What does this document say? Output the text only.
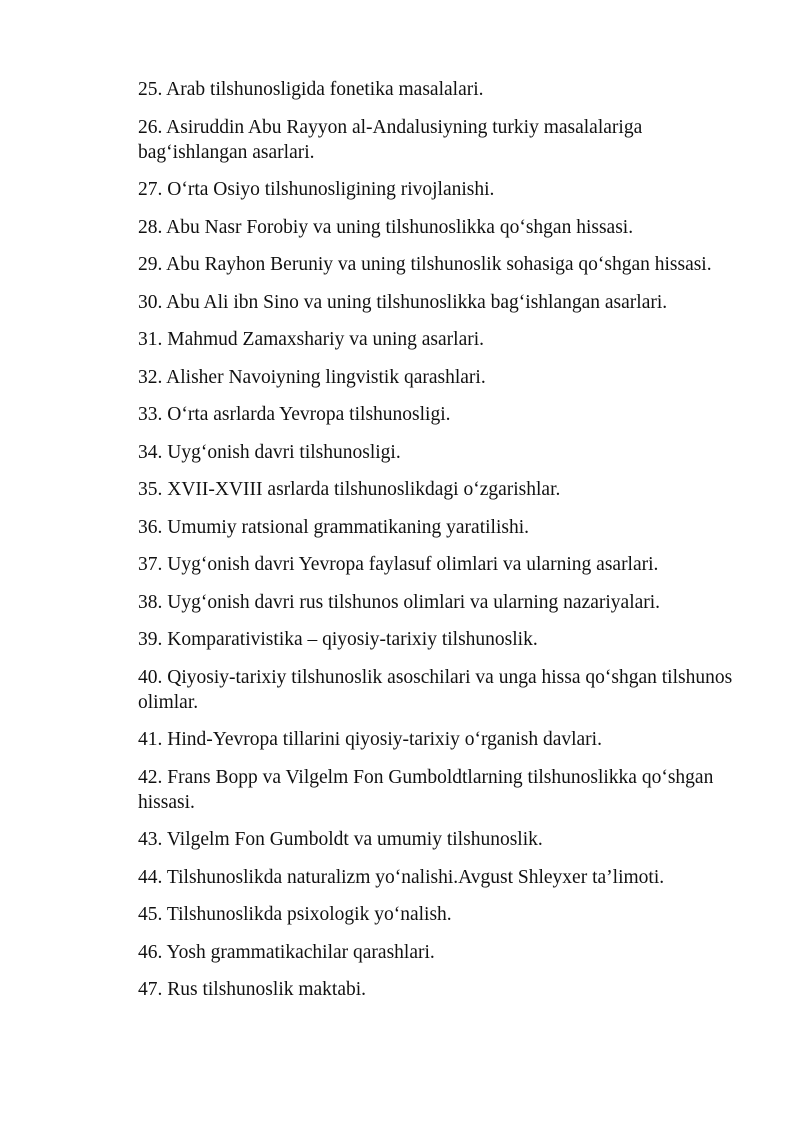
25. Arab tilshunosligida fonetika masalalari.
26. Asiruddin Abu Rayyon al-Andalusiyning turkiy masalalariga bag‘ishlangan asarlari.
27. O‘rta Osiyo tilshunosligining rivojlanishi.
28. Abu Nasr Forobiy va uning tilshunoslikka qo‘shgan hissasi.
29. Abu Rayhon Beruniy va uning tilshunoslik sohasiga qo‘shgan hissasi.
30. Abu Ali ibn Sino va uning tilshunoslikka bag‘ishlangan asarlari.
31. Mahmud Zamaxshariy va uning asarlari.
32. Alisher Navoiyning lingvistik qarashlari.
33. O‘rta asrlarda Yevropa tilshunosligi.
34. Uyg‘onish davri tilshunosligi.
35. XVII-XVIII asrlarda tilshunoslikdagi o‘zgarishlar.
36. Umumiy ratsional grammatikaning yaratilishi.
37. Uyg‘onish davri Yevropa faylasuf olimlari va ularning asarlari.
38. Uyg‘onish davri rus tilshunos olimlari va ularning nazariyalari.
39. Komparativistika – qiyosiy-tarixiy tilshunoslik.
40. Qiyosiy-tarixiy tilshunoslik asoschilari va unga hissa qo‘shgan tilshunos olimlar.
41. Hind-Yevropa tillarini qiyosiy-tarixiy o‘rganish davlari.
42. Frans Bopp va Vilgelm Fon Gumboldtlarning tilshunoslikka qo‘shgan hissasi.
43. Vilgelm Fon Gumboldt va umumiy tilshunoslik.
44. Tilshunoslikda naturalizm yo‘nalishi.Avgust Shleyxer ta’limoti.
45. Tilshunoslikda psixologik yo‘nalish.
46. Yosh grammatikachilar qarashlari.
47. Rus tilshunoslik maktabi.
